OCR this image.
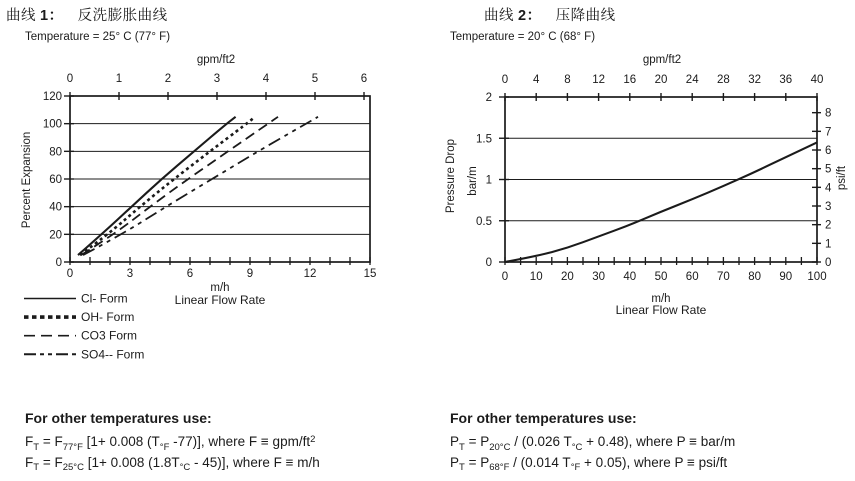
曲线 1： 反洗膨胀曲线	曲线 2： 压降曲线
Temperature = 25° C (77° F)	Temperature = 20° C (68° F)
0	1	2	3	4	5	6
gpm/ft2
0	3	6	9	12	15
m/h
Linear Flow Rate
0
20
40
60
80
100
120
Percent Expansion
Cl- Form
OH- Form
CO3 Form
SO4-- Form
0 4 8 12 16 20 24 28 32 36 40
gpm/ft2
0 10 20 30 40 50 60 70 80 90 100
m/h
Linear Flow Rate
0
0.5
1
1.5
2
Pressure Drop bar/m
0
1
2
3
4
5
6
7
8
psi/ft
For other temperatures use:
$F_T = F_{77^\circ F}$ [1+ 0.008 ($T_{^\circ F}$ -77)], where F ≡ gpm/$ft^2$
$F_T = F_{25^\circ C}$ [1+ 0.008 $(1.8T_{^\circ C} - 45)$], where F ≡ m/h
For other temperatures use:
$P_T = P_{20^\circ C} / (0.026$ $T_{^\circ C} + 0.48$), where P ≡ bar/m
$P_T = P_{68^\circ F} / (0.014$ $T_{^\circ F} + 0.05$), where P ≡ psi/ft
